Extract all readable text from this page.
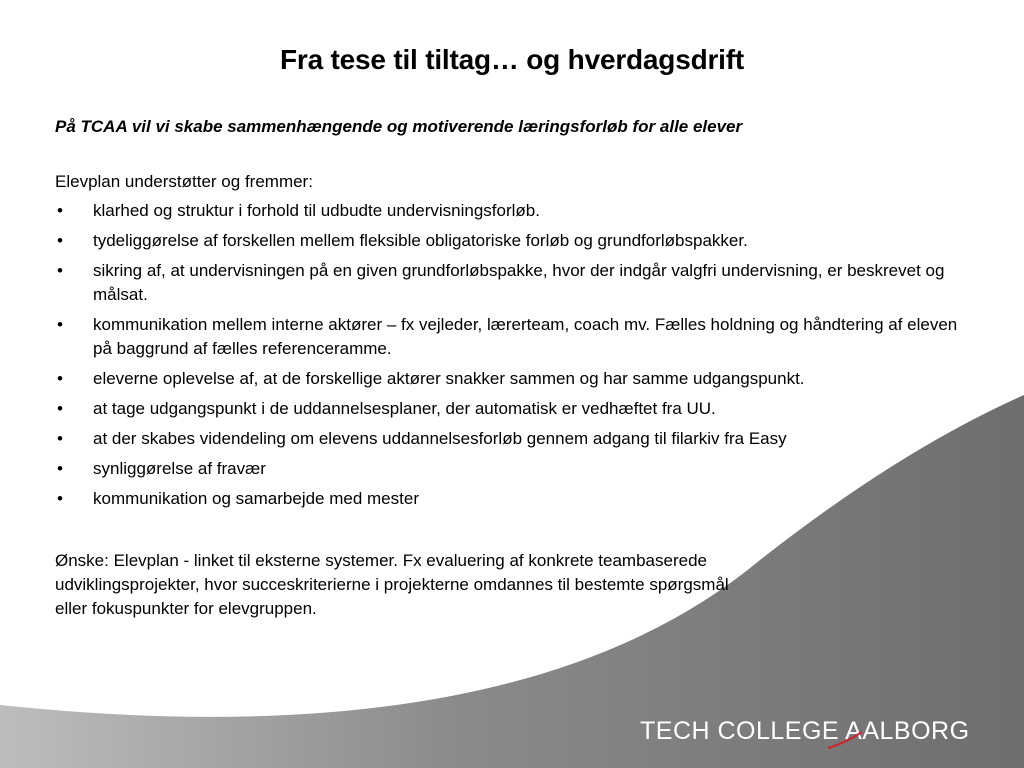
Fra tese til tiltag… og hverdagsdrift
På TCAA vil vi skabe sammenhængende og motiverende læringsforløb for alle elever
Elevplan understøtter og fremmer:
• klarhed og struktur i forhold til udbudte undervisningsforløb.
• tydeliggørelse af forskellen mellem fleksible obligatoriske forløb og grundforløbspakker.
• sikring af, at undervisningen på en given grundforløbspakke, hvor der indgår valgfri undervisning, er beskrevet og målsat.
• kommunikation mellem interne aktører – fx vejleder, lærerteam, coach mv. Fælles holdning og håndtering af eleven på baggrund af fælles referenceramme.
• eleverne oplevelse af, at de forskellige aktører snakker sammen og har samme udgangspunkt.
• at tage udgangspunkt i de uddannelsesplaner, der automatisk er vedhæftet fra UU.
• at der skabes videndeling om elevens uddannelsesforløb gennem adgang til filarkiv fra Easy
• synliggørelse af fravær
• kommunikation og samarbejde med mester
Ønske: Elevplan - linket til eksterne systemer. Fx evaluering af konkrete teambaserede udviklingsprojekter, hvor succeskriterierne i projekterne omdannes til bestemte spørgsmål eller fokuspunkter for elevgruppen.
TECH COLLEGE AALBORG
